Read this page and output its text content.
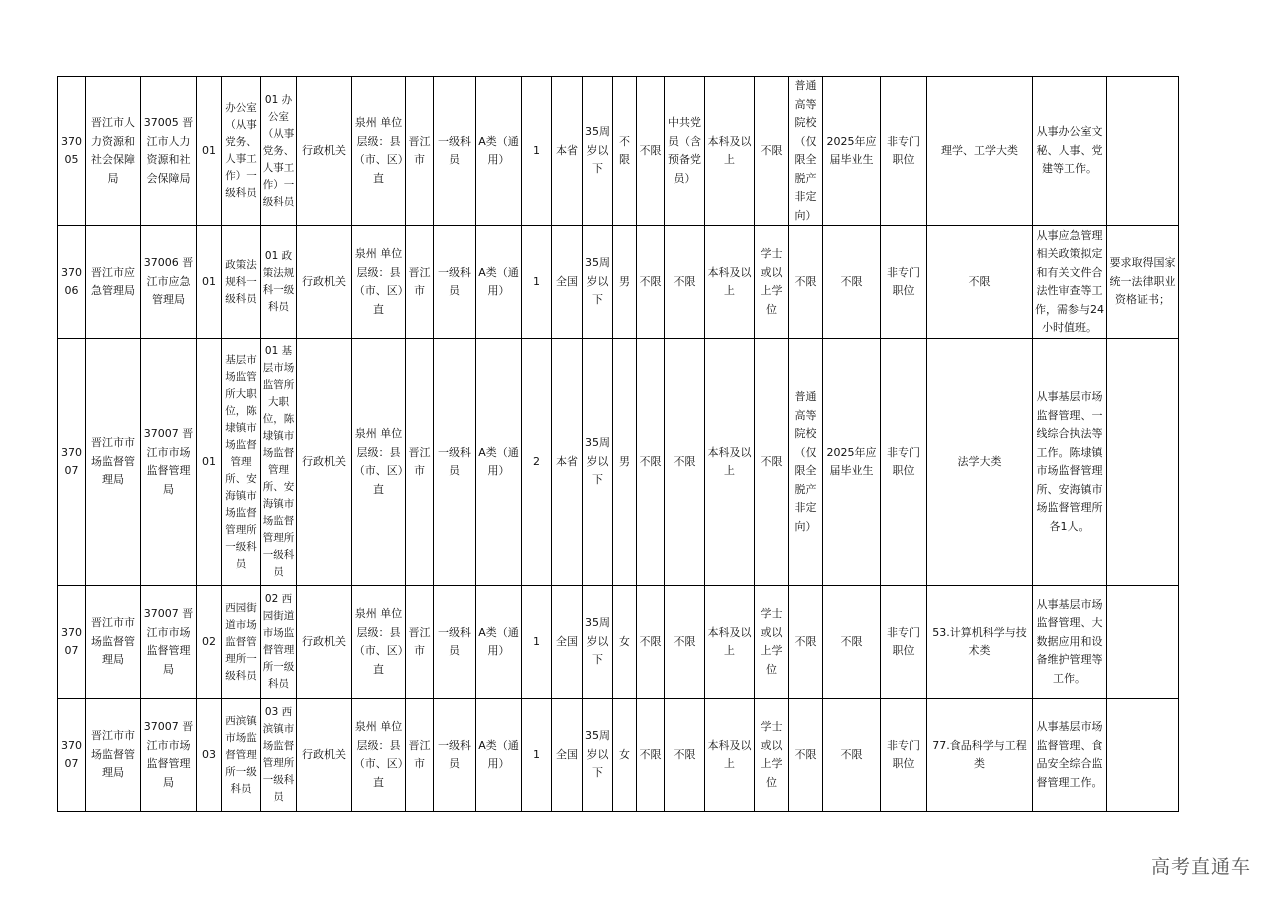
37005	晋江市人力资源和社会保障局	37005 晋江市人力资源和社会保障局	01	办公室（从事党务、人事工作）一级科员	01 办公室（从事党务、人事工作）一级科员	行政机关	泉州 单位层级：县（市、区）直	晋江市	一级科员	A类（通用）	1	本省	35周岁以下	不限	不限	中共党员（含预备党员）	本科及以上	不限	普通高等院校（仅限全脱产非定向）	2025年应届毕业生	非专门职位	理学、工学大类	从事办公室文秘、人事、党建等工作。	
37006	晋江市应急管理局	37006 晋江市应急管理局	01	政策法规科一级科员	01 政策法规科一级科员	行政机关	泉州 单位层级：县（市、区）直	晋江市	一级科员	A类（通用）	1	全国	35周岁以下	男	不限	不限	本科及以上	学士或以上学位	不限	不限	非专门职位	不限	从事应急管理相关政策拟定和有关文件合法性审查等工作，需参与24小时值班。	要求取得国家统一法律职业资格证书；
37007	晋江市市场监督管理局	37007 晋江市市场监督管理局	01	基层市场监管所大职位，陈埭镇市场监督管理所、安海镇市场监督管理所一级科员	01 基层市场监管所大职位，陈埭镇市场监督管理所、安海镇市场监督管理所一级科员	行政机关	泉州 单位层级：县（市、区）直	晋江市	一级科员	A类（通用）	2	本省	35周岁以下	男	不限	不限	本科及以上	不限	普通高等院校（仅限全脱产非定向）	2025年应届毕业生	非专门职位	法学大类	从事基层市场监督管理、一线综合执法等工作。陈埭镇市场监督管理所、安海镇市场监督管理所各1人。	
37007	晋江市市场监督管理局	37007 晋江市市场监督管理局	02	西园街道市场监督管理所一级科员	02 西园街道市场监督管理所一级科员	行政机关	泉州 单位层级：县（市、区）直	晋江市	一级科员	A类（通用）	1	全国	35周岁以下	女	不限	不限	本科及以上	学士或以上学位	不限	不限	非专门职位	53.计算机科学与技术类	从事基层市场监督管理、大数据应用和设备维护管理等工作。	
37007	晋江市市场监督管理局	37007 晋江市市场监督管理局	03	西滨镇市场监督管理所一级科员	03 西滨镇市场监督管理所一级科员	行政机关	泉州 单位层级：县（市、区）直	晋江市	一级科员	A类（通用）	1	全国	35周岁以下	女	不限	不限	本科及以上	学士或以上学位	不限	不限	非专门职位	77.食品科学与工程类	从事基层市场监督管理、食品安全综合监督管理工作。	
高考直通车
